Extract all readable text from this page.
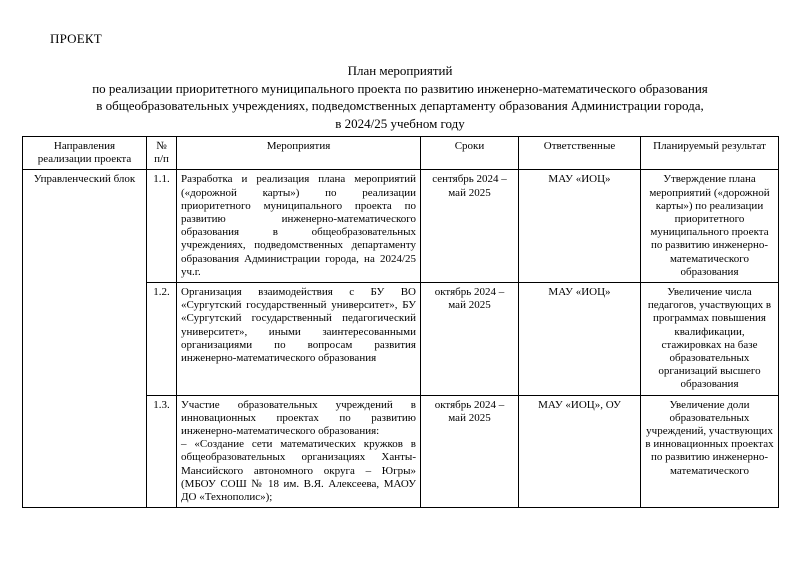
ПРОЕКТ
План мероприятий
по реализации приоритетного муниципального проекта по развитию инженерно-математического образования
в общеобразовательных учреждениях, подведомственных департаменту образования Администрации города,
в 2024/25 учебном году
Направления реализации проекта	№ п/п	Мероприятия	Сроки	Ответственные	Планируемый результат
Управленческий блок	1.1.	Разработка и реализация плана мероприятий («дорожной карты») по реализации приоритетного муниципального проекта по развитию инженерно-математического образования в общеобразовательных учреждениях, подведомственных департаменту образования Администрации города, на 2024/25 уч.г.	сентябрь 2024 – май 2025	МАУ «ИОЦ»	Утверждение плана мероприятий («дорожной карты») по реализации приоритетного муниципального проекта по развитию инженерно-математического образования
	1.2.	Организация взаимодействия с БУ ВО «Сургутский государственный университет», БУ «Сургутский государственный педагогический университет», иными заинтересованными организациями по вопросам развития инженерно-математического образования	октябрь 2024 – май 2025	МАУ «ИОЦ»	Увеличение числа педагогов, участвующих в программах повышения квалификации, стажировках на базе образовательных организаций высшего образования
	1.3.	Участие образовательных учреждений в инновационных проектах по развитию инженерно-математического образования:
– «Создание сети математических кружков в общеобразовательных организациях Ханты-Мансийского автономного округа – Югры» (МБОУ СОШ № 18 им. В.Я. Алексеева, МАОУ ДО «Технополис»);	октябрь 2024 – май 2025	МАУ «ИОЦ», ОУ	Увеличение доли образовательных учреждений, участвующих в инновационных проектах по развитию инженерно-математического
